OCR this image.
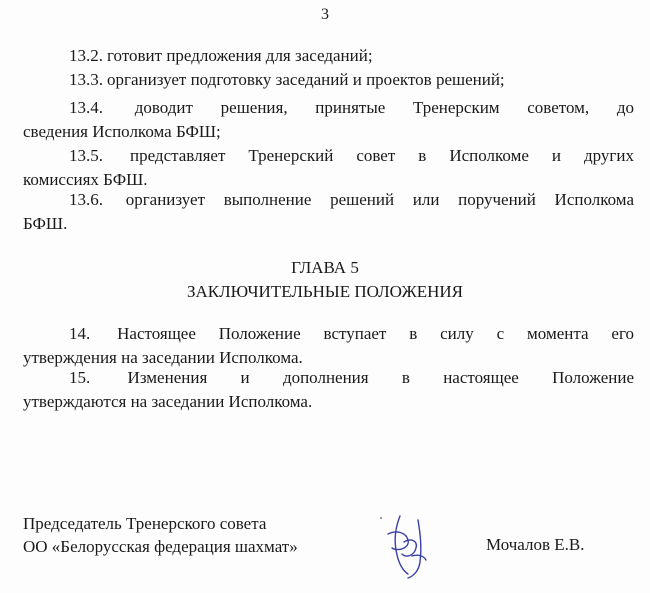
3

13.2. готовит предложения для заседаний;

13.3. организует подготовку заседаний и проектов решений;

13.4. доводит решения, принятые Тренерским советом, до
сведения Исполкома БФШ;
13.5. представляет Тренерский совет в Исполкоме и других
комиссиях БФШ.
13.6. организует выполнение решений или поручений Исполкома
БФШ.
ГЛАВА 5
ЗАКЛЮЧИТЕЛЬНЫЕ ПОЛОЖЕНИЯ
14. Настоящее Положение вступает в силу с момента его
утверждения на заседании Исполкома.
15. Изменения и дополнения в настоящее Положение
утверждаются на заседании Исполкома.
Председатель Тренерского совета
ОО «Белорусская федерация шахмат»	Мочалов Е.В.
